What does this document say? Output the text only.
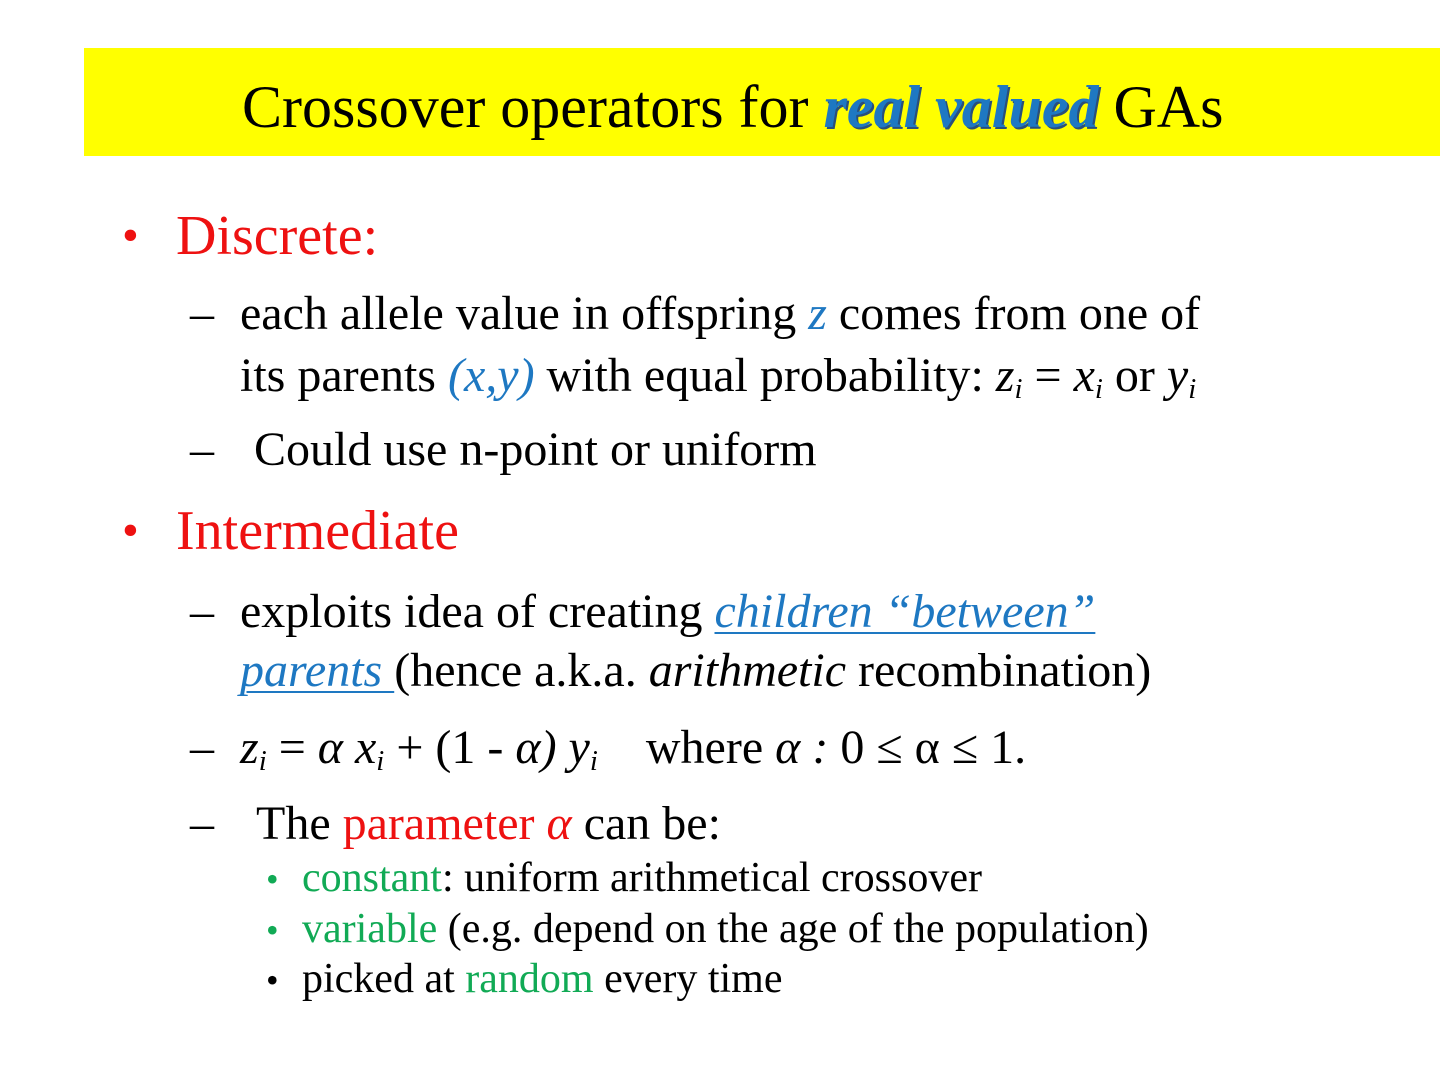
Crossover operators for real valued GAs
• Discrete:
– each allele value in offspring z comes from one of
its parents (x,y) with equal probability: $z_i = x_i$ or $y_i$
– Could use n-point or uniform
• Intermediate
– exploits idea of creating children “between”
parents (hence a.k.a. arithmetic recombination)
– $z_i = \alpha$ $x_i + (1 - \alpha)$ $y_i$    where α : 0 ≤ α ≤ 1.
– The parameter α can be:
• constant: uniform arithmetical crossover
• variable (e.g. depend on the age of the population)
• picked at random every time
